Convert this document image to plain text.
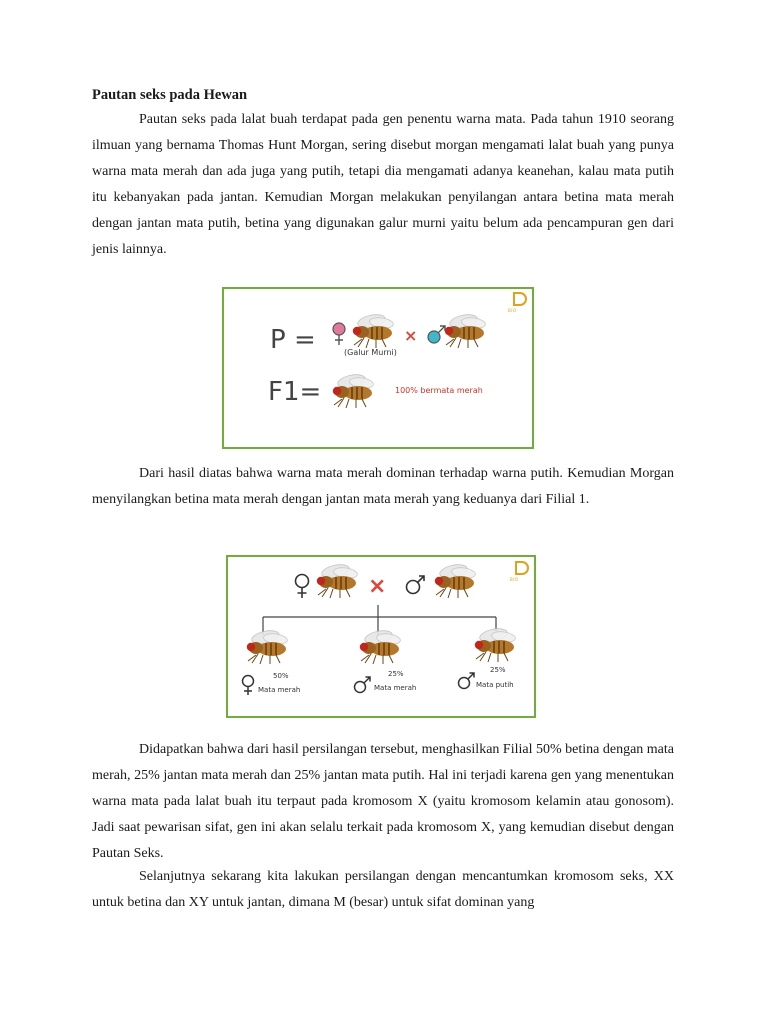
Pautan seks pada Hewan

Pautan seks pada lalat buah terdapat pada gen penentu warna mata. Pada tahun 1910 seorang ilmuan yang bernama Thomas Hunt Morgan, sering disebut morgan mengamati lalat buah yang punya warna mata merah dan ada juga yang putih, tetapi dia mengamati adanya keanehan, kalau mata putih itu kebanyakan pada jantan. Kemudian Morgan melakukan penyilangan antara betina mata merah dengan jantan mata putih, betina yang digunakan galur murni yaitu belum ada pencampuran gen dari jenis lainnya.

P =	×
(Galur Murni)
F1=	100% bermata merah
BIO

Dari hasil diatas bahwa warna mata merah dominan terhadap warna putih. Kemudian Morgan menyilangkan betina mata merah dengan jantan mata merah yang keduanya dari Filial 1.

×
50%
Mata merah
25%
Mata merah
25%
Mata putih
BIO

Didapatkan bahwa dari hasil persilangan tersebut, menghasilkan Filial 50% betina dengan mata merah, 25% jantan mata merah dan 25% jantan mata putih. Hal ini terjadi karena gen yang menentukan warna mata pada lalat buah itu terpaut pada kromosom X (yaitu kromosom kelamin atau gonosom). Jadi saat pewarisan sifat, gen ini akan selalu terkait pada kromosom X, yang kemudian disebut dengan Pautan Seks.

Selanjutnya sekarang kita lakukan persilangan dengan mencantumkan kromosom seks, XX untuk betina dan XY untuk jantan, dimana M (besar) untuk sifat dominan yang
